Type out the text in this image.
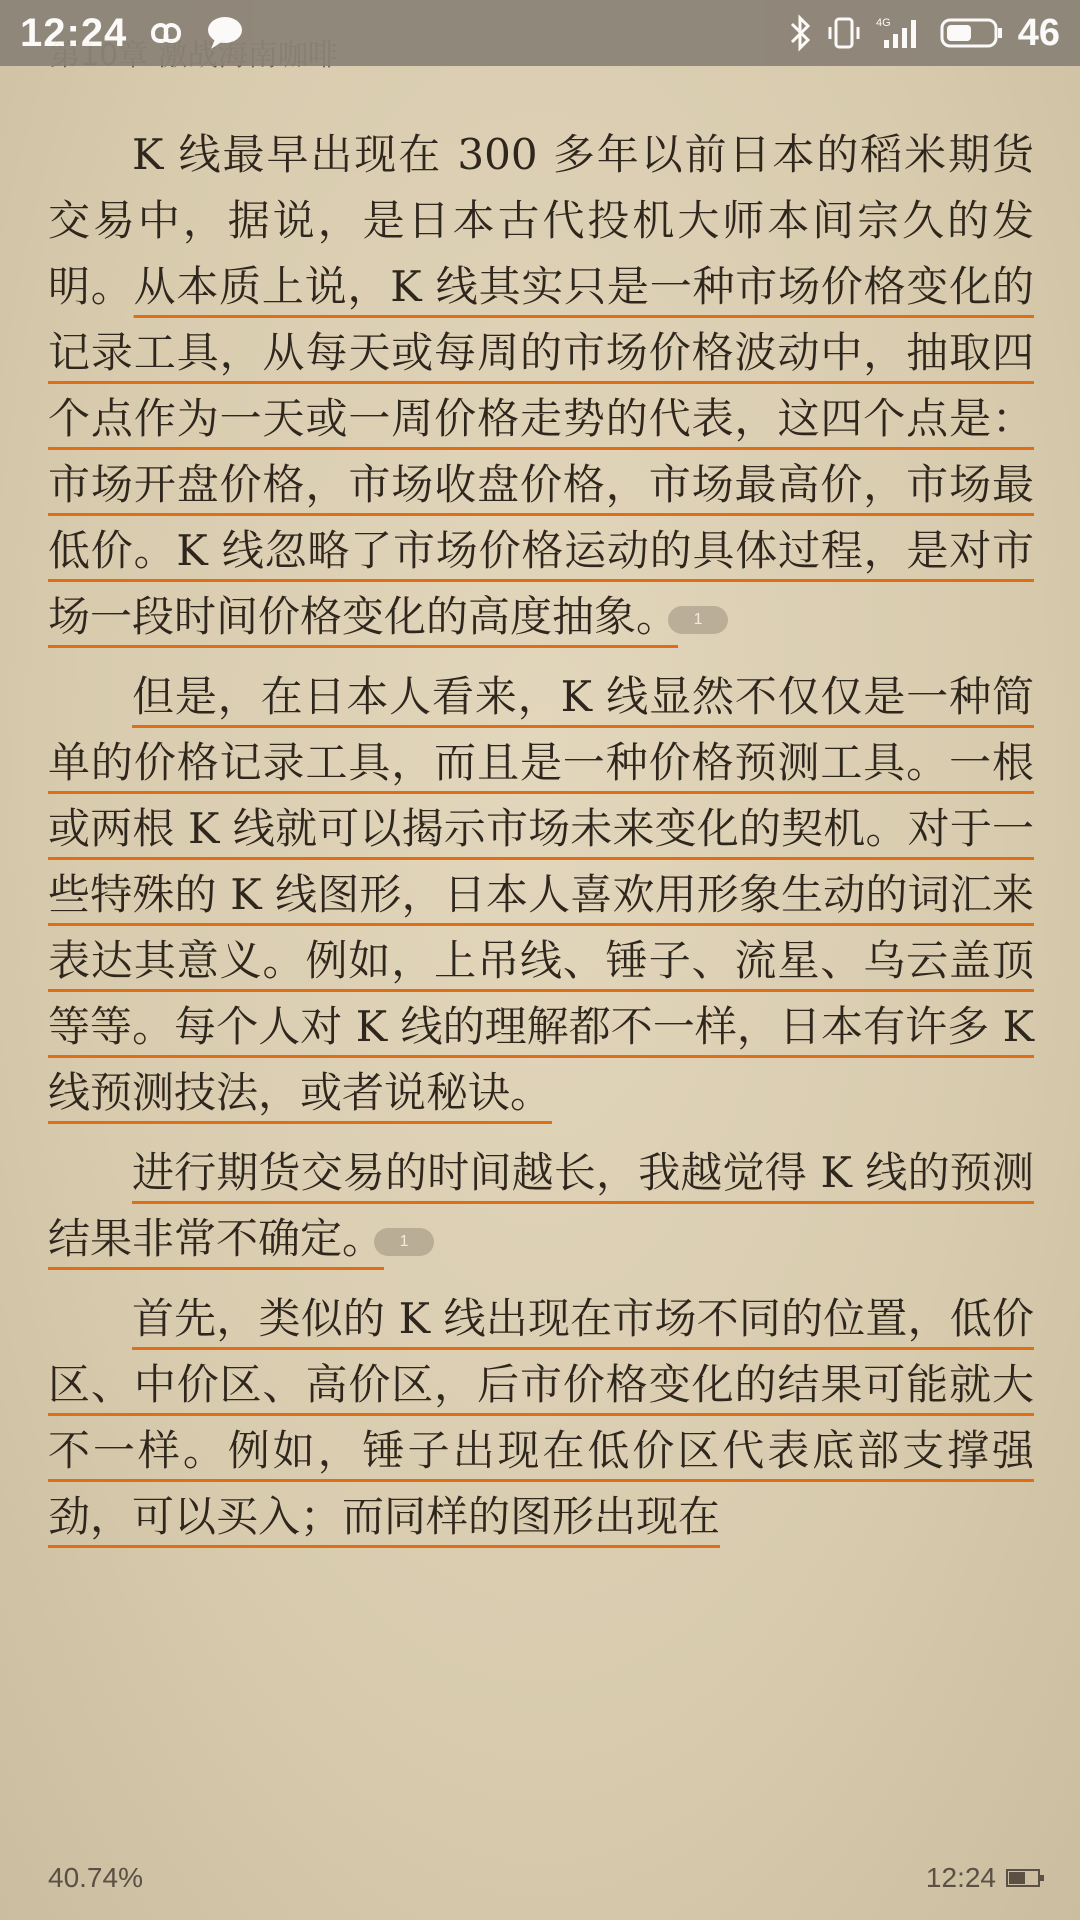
12:24	4G	46

K 线最早出现在 300 多年以前日本的稻米期货交易中，据说，是日本古代投机大师本间宗久的发明。从本质上说，K 线其实只是一种市场价格变化的记录工具，从每天或每周的市场价格波动中，抽取四个点作为一天或一周价格走势的代表，这四个点是：市场开盘价格，市场收盘价格，市场最高价，市场最低价。K 线忽略了市场价格运动的具体过程，是对市场一段时间价格变化的高度抽象。 1

但是，在日本人看来，K 线显然不仅仅是一种简单的价格记录工具，而且是一种价格预测工具。一根或两根 K 线就可以揭示市场未来变化的契机。对于一些特殊的 K 线图形，日本人喜欢用形象生动的词汇来表达其意义。例如，上吊线、锤子、流星、乌云盖顶等等。每个人对 K 线的理解都不一样，日本有许多 K 线预测技法，或者说秘诀。

进行期货交易的时间越长，我越觉得 K 线的预测结果非常不确定。 1

首先，类似的 K 线出现在市场不同的位置，低价区、中价区、高价区，后市价格变化的结果可能就大不一样。例如，锤子出现在低价区代表底部支撑强劲，可以买入；而同样的图形出现在

40.74%	12:24
